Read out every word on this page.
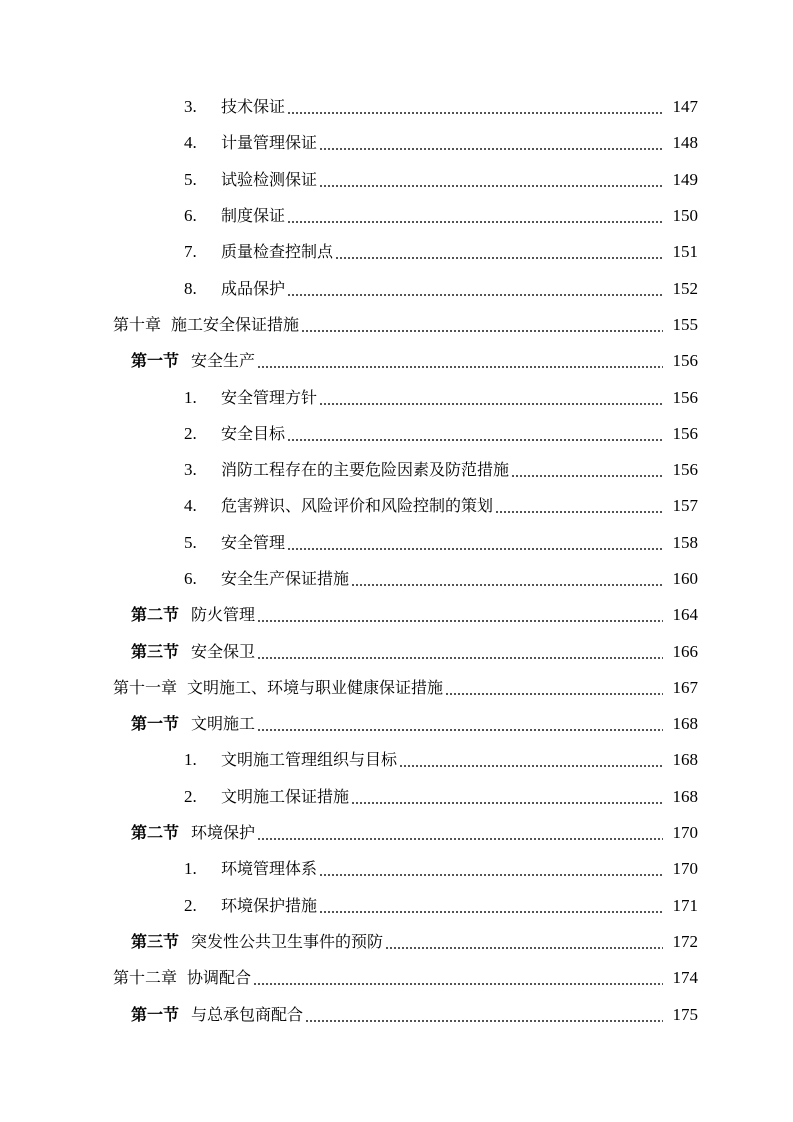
3.	技术保证	147
4.	计量管理保证	148
5.	试验检测保证	149
6.	制度保证	150
7.	质量检查控制点	151
8.	成品保护	152
第十章 施工安全保证措施	155
第一节 安全生产	156
1.	安全管理方针	156
2.	安全目标	156
3.	消防工程存在的主要危险因素及防范措施	156
4.	危害辨识、风险评价和风险控制的策划	157
5.	安全管理	158
6.	安全生产保证措施	160
第二节 防火管理	164
第三节 安全保卫	166
第十一章 文明施工、环境与职业健康保证措施	167
第一节 文明施工	168
1.	文明施工管理组织与目标	168
2.	文明施工保证措施	168
第二节 环境保护	170
1.	环境管理体系	170
2.	环境保护措施	171
第三节 突发性公共卫生事件的预防	172
第十二章 协调配合	174
第一节 与总承包商配合	175
